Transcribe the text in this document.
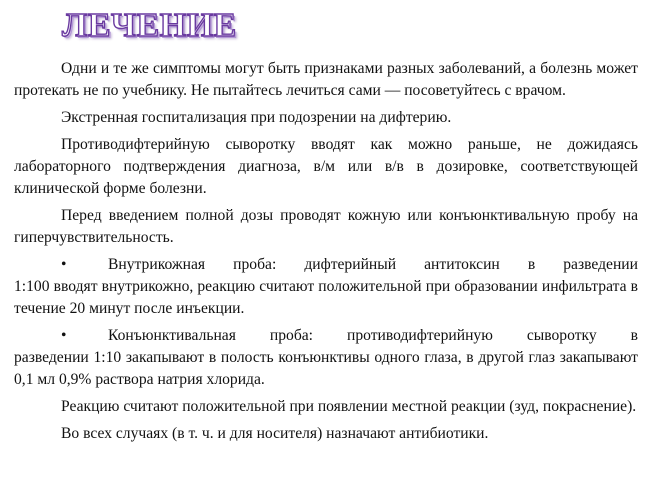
ЛЕЧЕНИЕ

Одни и те же симптомы могут быть признаками разных заболеваний, а болезнь может протекать не по учебнику. Не пытайтесь лечиться сами — посоветуйтесь с врачом.

Экстренная госпитализация при подозрении на дифтерию.

Противодифтерийную сыворотку вводят как можно раньше, не дожидаясь лабораторного подтверждения диагноза, в/м или в/в в дозировке, соответствующей клинической форме болезни.

Перед введением полной дозы проводят кожную или конъюнктивальную пробу на гиперчувствительность.

•	Внутрикожная проба: дифтерийный антитоксин в разведении
1:100 вводят внутрикожно, реакцию считают положительной при образовании инфильтрата в течение 20 минут после инъекции.
•	Конъюнктивальная проба: противодифтерийную сыворотку в
разведении 1:10 закапывают в полость конъюнктивы одного глаза, в другой глаз закапывают 0,1 мл 0,9% раствора натрия хлорида.

Реакцию считают положительной при появлении местной реакции (зуд, покраснение).

Во всех случаях (в т. ч. и для носителя) назначают антибиотики.
